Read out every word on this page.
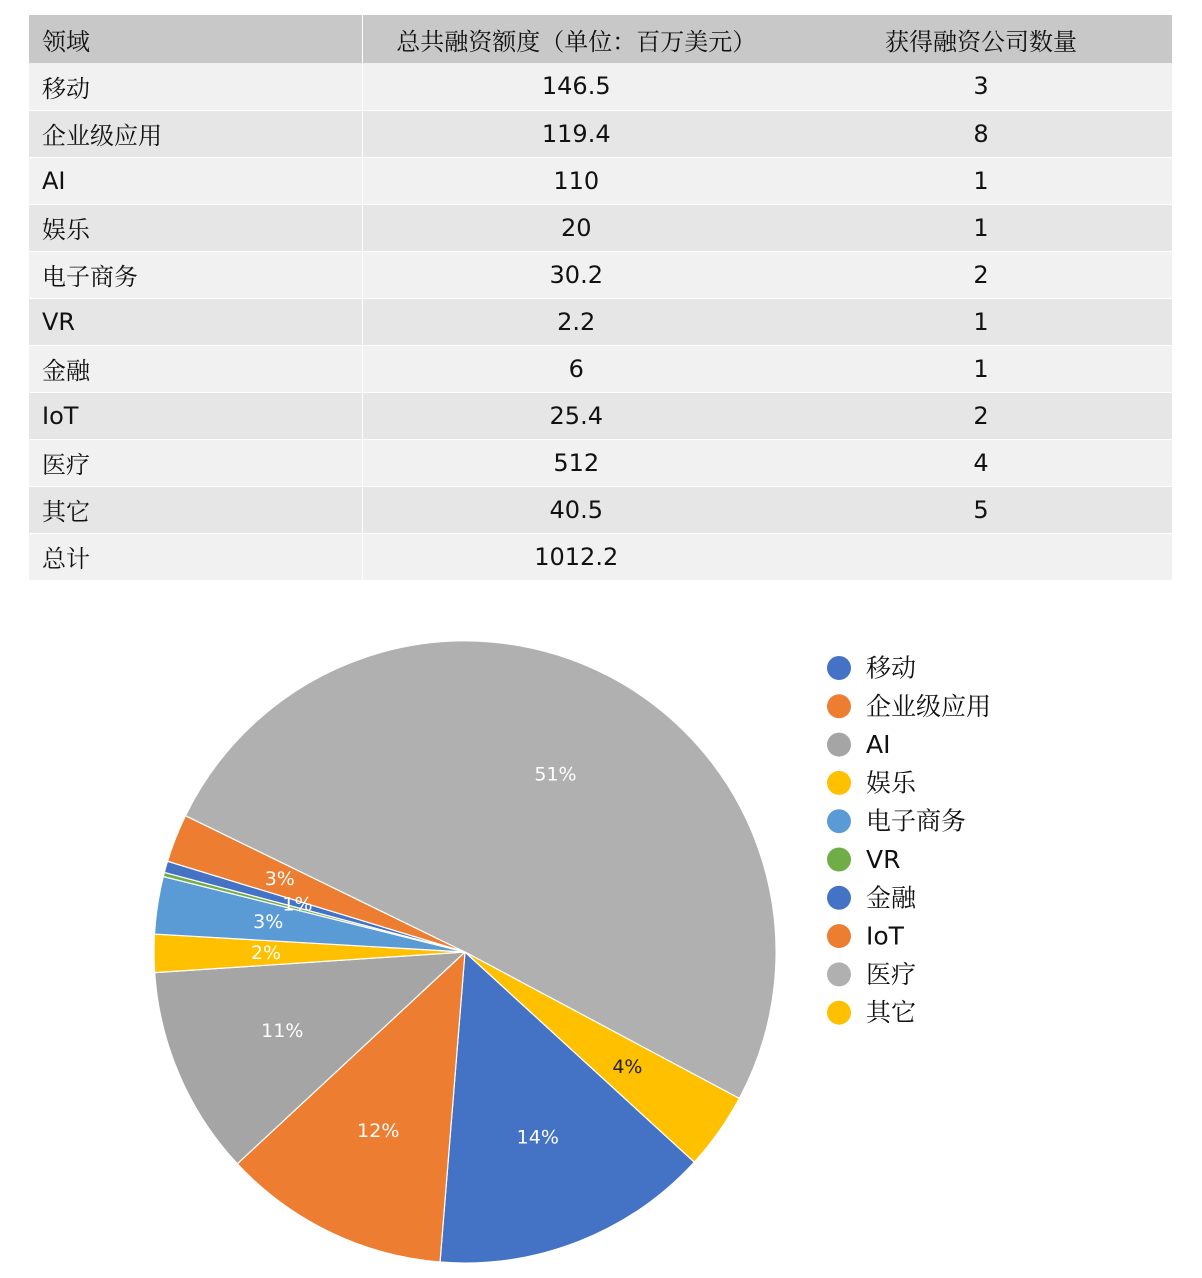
领域	总共融资额度（单位：百万美元）	获得融资公司数量
移动	146.5	3
企业级应用	119.4	8
AI	110	1
娱乐	20	1
电子商务	30.2	2
VR	2.2	1
金融	6	1
IoT	25.4	2
医疗	512	4
其它	40.5	5
总计	1012.2	
14%
12%
11%
2%
3%
1%
3%
51%
4%
移动
企业级应用
AI
娱乐
电子商务
VR
金融
IoT
医疗
其它
